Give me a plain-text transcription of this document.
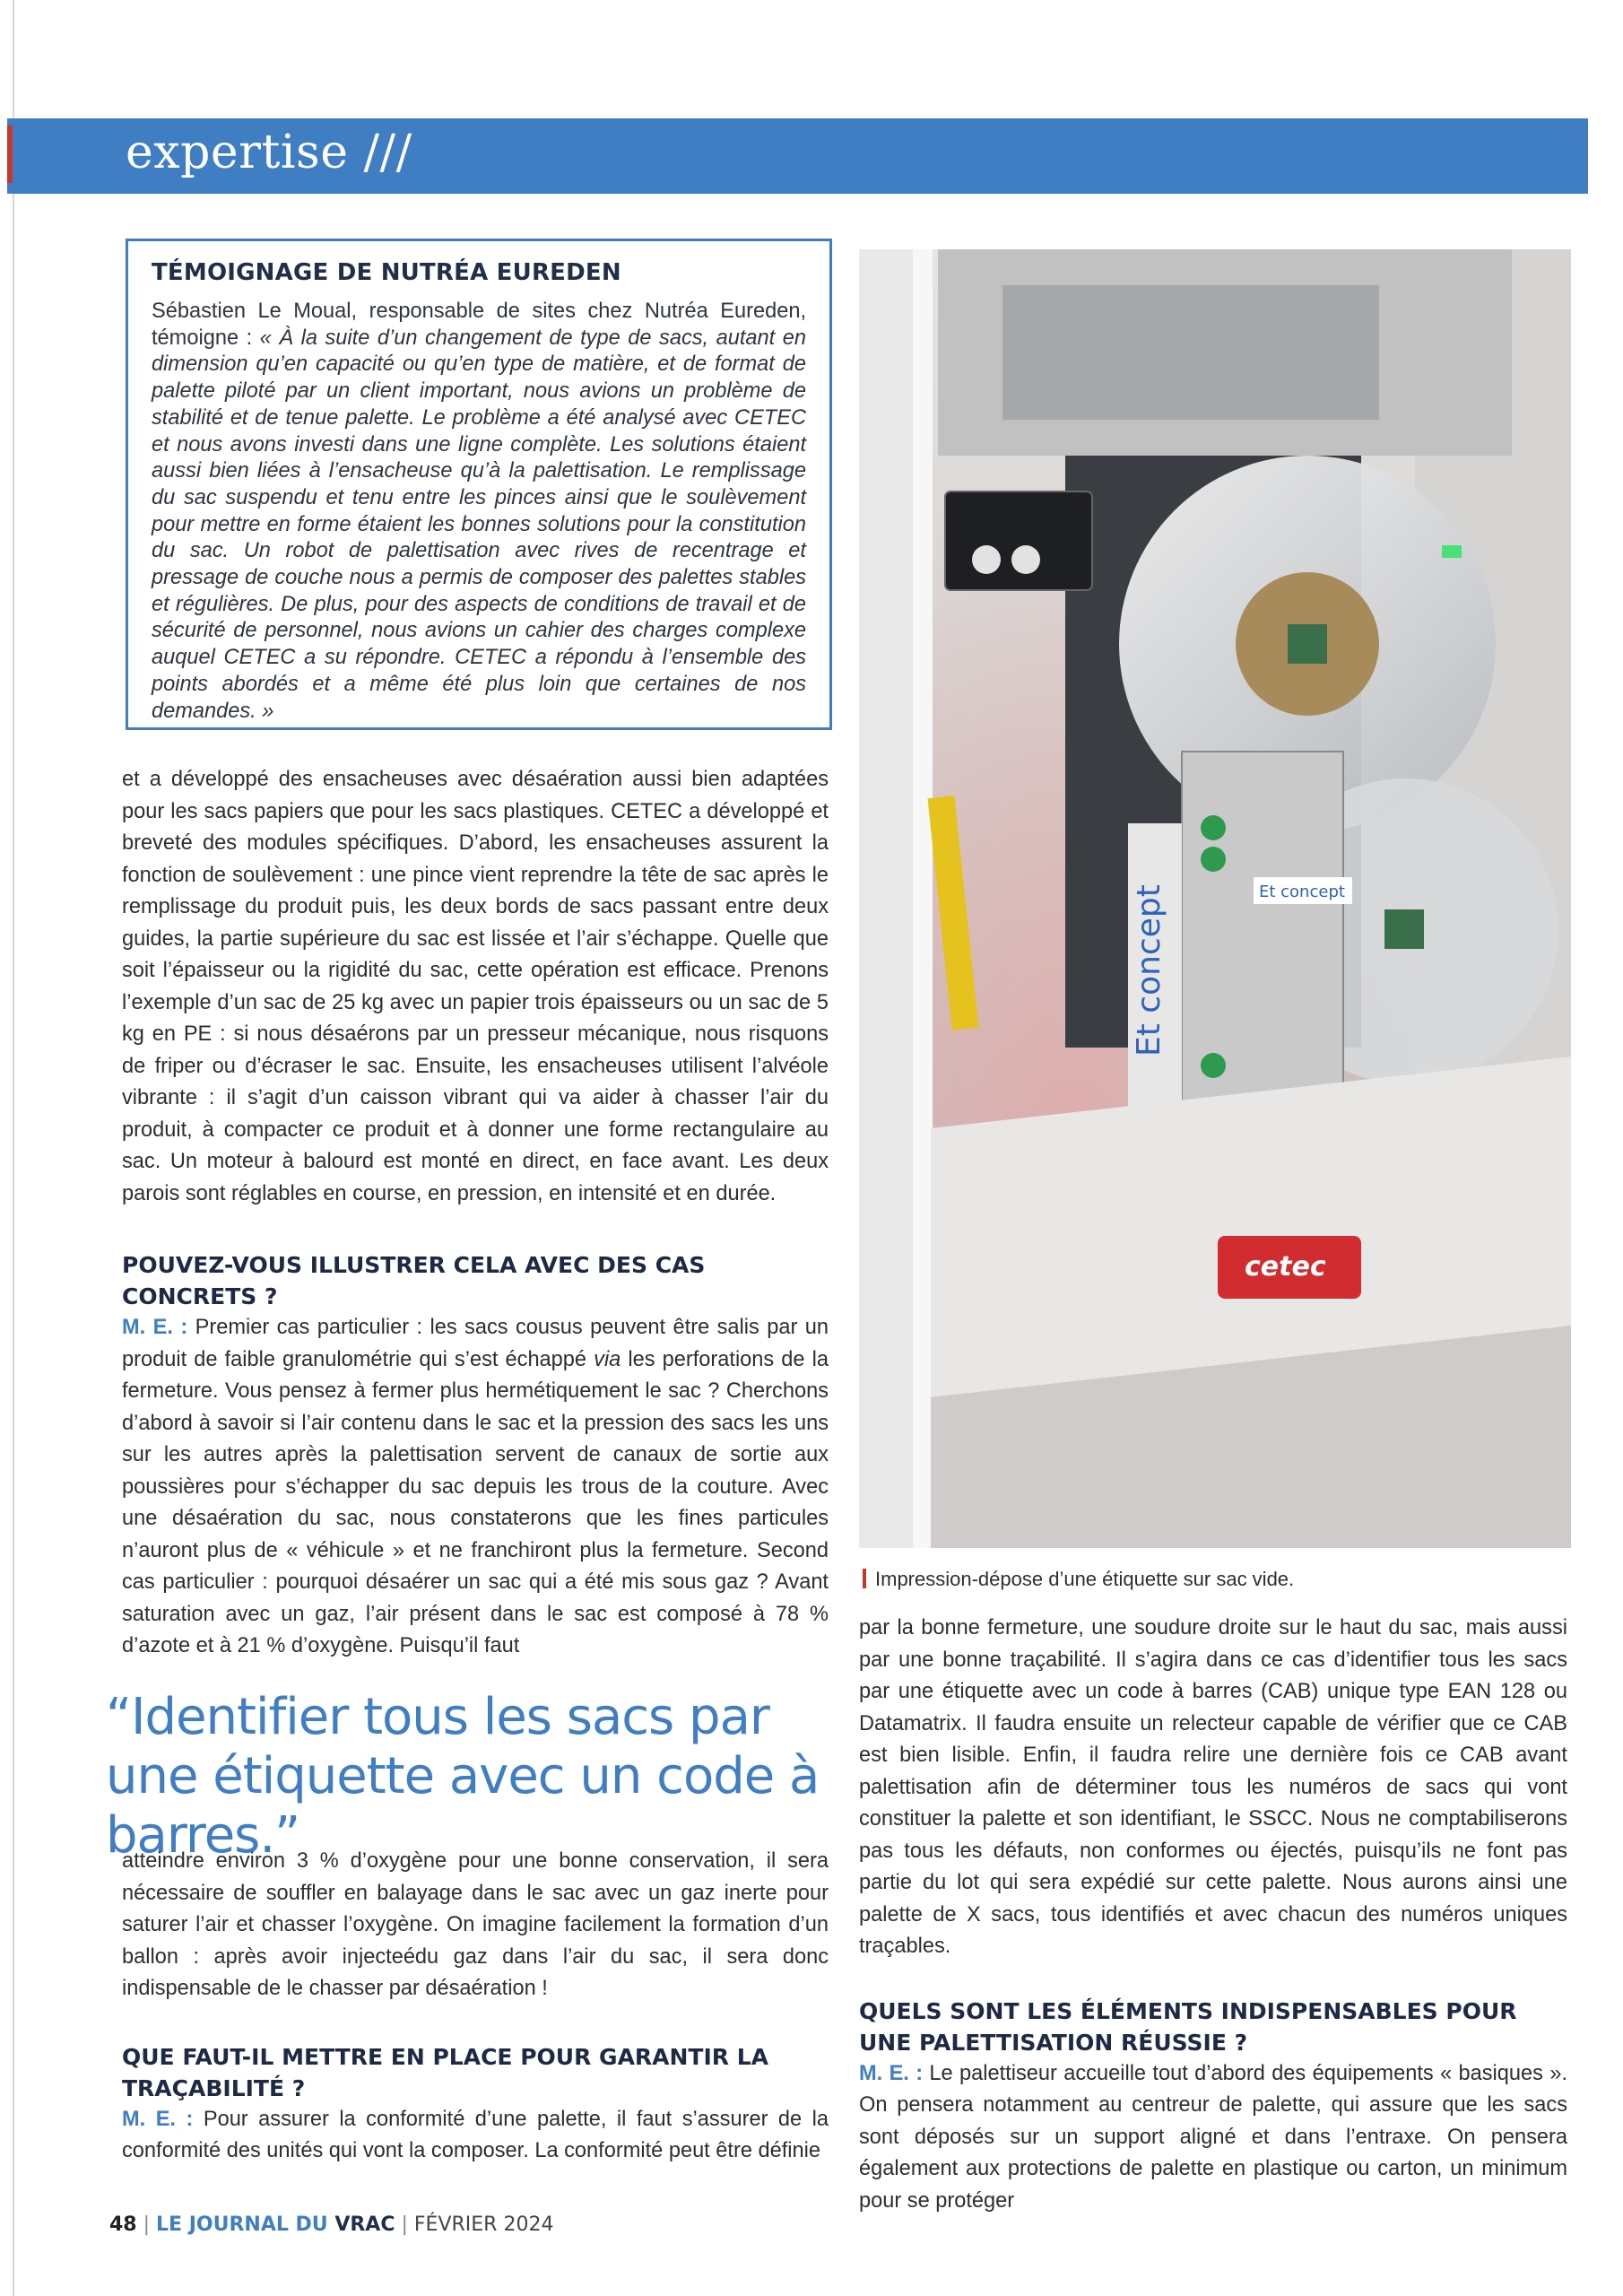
expertise ///

TÉMOIGNAGE DE NUTRÉA EUREDEN

Sébastien Le Moual, responsable de sites chez Nutréa Eureden, témoigne : « À la suite d’un changement de type de sacs, autant en dimension qu’en capacité ou qu’en type de matière, et de format de palette piloté par un client important, nous avions un problème de stabilité et de tenue palette. Le problème a été analysé avec CETEC et nous avons investi dans une ligne complète. Les solutions étaient aussi bien liées à l’ensacheuse qu’à la palettisation. Le remplissage du sac suspendu et tenu entre les pinces ainsi que le soulèvement pour mettre en forme étaient les bonnes solutions pour la constitution du sac. Un robot de palettisation avec rives de recentrage et pressage de couche nous a permis de composer des palettes stables et régulières. De plus, pour des aspects de conditions de travail et de sécurité de personnel, nous avions un cahier des charges complexe auquel CETEC a su répondre. CETEC a répondu à l’ensemble des points abordés et a même été plus loin que certaines de nos demandes. »

et a développé des ensacheuses avec désaération aussi bien adaptées pour les sacs papiers que pour les sacs plastiques. CETEC a développé et breveté des modules spécifiques. D’abord, les ensacheuses assurent la fonction de soulèvement : une pince vient reprendre la tête de sac après le remplissage du produit puis, les deux bords de sacs passant entre deux guides, la partie supérieure du sac est lissée et l’air s’échappe. Quelle que soit l’épaisseur ou la rigidité du sac, cette opération est efficace. Prenons l’exemple d’un sac de 25 kg avec un papier trois épaisseurs ou un sac de 5 kg en PE : si nous désaérons par un presseur mécanique, nous risquons de friper ou d’écraser le sac. Ensuite, les ensacheuses utilisent l’alvéole vibrante : il s’agit d’un caisson vibrant qui va aider à chasser l’air du produit, à compacter ce produit et à donner une forme rectangulaire au sac. Un moteur à balourd est monté en direct, en face avant. Les deux parois sont réglables en course, en pression, en intensité et en durée.

POUVEZ-VOUS ILLUSTRER CELA AVEC DES CAS CONCRETS ?

M. E. : Premier cas particulier : les sacs cousus peuvent être salis par un produit de faible granulométrie qui s’est échappé via les perforations de la fermeture. Vous pensez à fermer plus hermétiquement le sac ? Cherchons d’abord à savoir si l’air contenu dans le sac et la pression des sacs les uns sur les autres après la palettisation servent de canaux de sortie aux poussières pour s’échapper du sac depuis les trous de la couture. Avec une désaération du sac, nous constaterons que les fines particules n’auront plus de « véhicule » et ne franchiront plus la fermeture. Second cas particulier : pourquoi désaérer un sac qui a été mis sous gaz ? Avant saturation avec un gaz, l’air présent dans le sac est composé à 78 % d’azote et à 21 % d’oxygène. Puisqu’il faut

“Identifier tous les sacs par une étiquette avec un code à barres.”

atteindre environ 3 % d’oxygène pour une bonne conservation, il sera nécessaire de souffler en balayage dans le sac avec un gaz inerte pour saturer l’air et chasser l’oxygène. On imagine facilement la formation d’un ballon : après avoir injecteédu gaz dans l’air du sac, il sera donc indispensable de le chasser par désaération !

QUE FAUT-IL METTRE EN PLACE POUR GARANTIR LA TRAÇABILITÉ ?

M. E. : Pour assurer la conformité d’une palette, il faut s’assurer de la conformité des unités qui vont la composer. La conformité peut être définie

Et concept	Et concept
cetec
Impression-dépose d’une étiquette sur sac vide.

par la bonne fermeture, une soudure droite sur le haut du sac, mais aussi par une bonne traçabilité. Il s’agira dans ce cas d’identifier tous les sacs par une étiquette avec un code à barres (CAB) unique type EAN 128 ou Datamatrix. Il faudra ensuite un relecteur capable de vérifier que ce CAB est bien lisible. Enfin, il faudra relire une dernière fois ce CAB avant palettisation afin de déterminer tous les numéros de sacs qui vont constituer la palette et son identifiant, le SSCC. Nous ne comptabiliserons pas tous les défauts, non conformes ou éjectés, puisqu’ils ne font pas partie du lot qui sera expédié sur cette palette. Nous aurons ainsi une palette de X sacs, tous identifiés et avec chacun des numéros uniques traçables.

QUELS SONT LES ÉLÉMENTS INDISPENSABLES POUR UNE PALETTISATION RÉUSSIE ?

M. E. : Le palettiseur accueille tout d’abord des équipements « basiques ». On pensera notamment au centreur de palette, qui assure que les sacs sont déposés sur un support aligné et dans l’entraxe. On pensera également aux protections de palette en plastique ou carton, un minimum pour se protéger

48 | LE JOURNAL DU VRAC | FÉVRIER 2024
